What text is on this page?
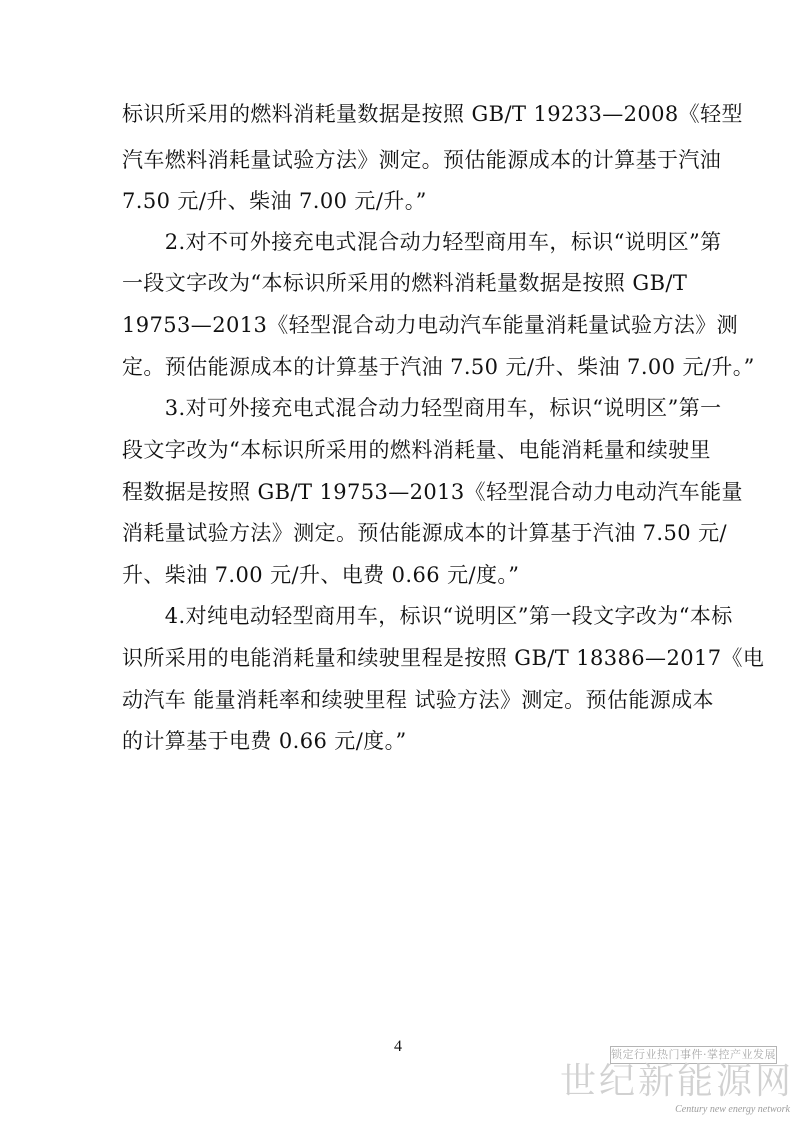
标识所采用的燃料消耗量数据是按照 GB/T 19233—2008《轻型
汽车燃料消耗量试验方法》测定。预估能源成本的计算基于汽油
7.50 元/升、柴油 7.00 元/升。”
　　2.对不可外接充电式混合动力轻型商用车，标识“说明区”第
一段文字改为“本标识所采用的燃料消耗量数据是按照 GB/T
19753—2013《轻型混合动力电动汽车能量消耗量试验方法》测
定。预估能源成本的计算基于汽油 7.50 元/升、柴油 7.00 元/升。”
　　3.对可外接充电式混合动力轻型商用车，标识“说明区”第一
段文字改为“本标识所采用的燃料消耗量、电能消耗量和续驶里
程数据是按照 GB/T 19753—2013《轻型混合动力电动汽车能量
消耗量试验方法》测定。预估能源成本的计算基于汽油 7.50 元/
升、柴油 7.00 元/升、电费 0.66 元/度。”
　　4.对纯电动轻型商用车，标识“说明区”第一段文字改为“本标
识所采用的电能消耗量和续驶里程是按照 GB/T 18386—2017《电
动汽车 能量消耗率和续驶里程 试验方法》测定。预估能源成本
的计算基于电费 0.66 元/度。”
4	锁定行业热门事件·掌控产业发展
世纪新能源网
Century new energy network
